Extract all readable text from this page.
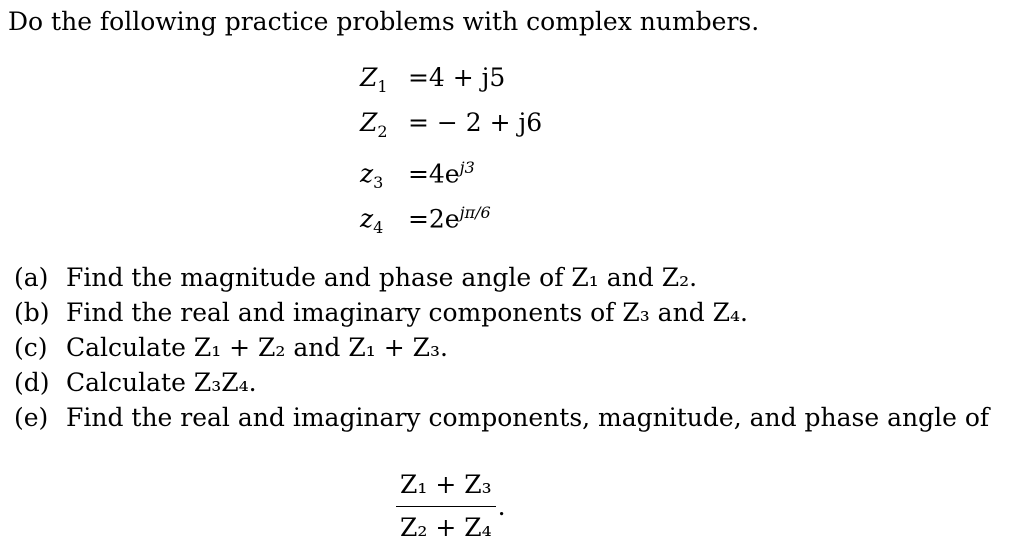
Do the following practice problems with complex numbers.
$Z_1 =4 + j5$
$Z_2$ = − 2 + j6
$z_3 =4e^{j3}$
$z_4 =2e^{j\pi/6}$
(a) Find the magnitude and phase angle of Z₁ and Z₂.
(b) Find the real and imaginary components of Z₃ and Z₄.
(c) Calculate Z₁ + Z₂ and Z₁ + Z₃.
(d) Calculate Z₃Z₄.
(e) Find the real and imaginary components, magnitude, and phase angle of
$\frac{\text{Z₁ + Z₃}}{\text{Z₂ + Z₄}}$ .
